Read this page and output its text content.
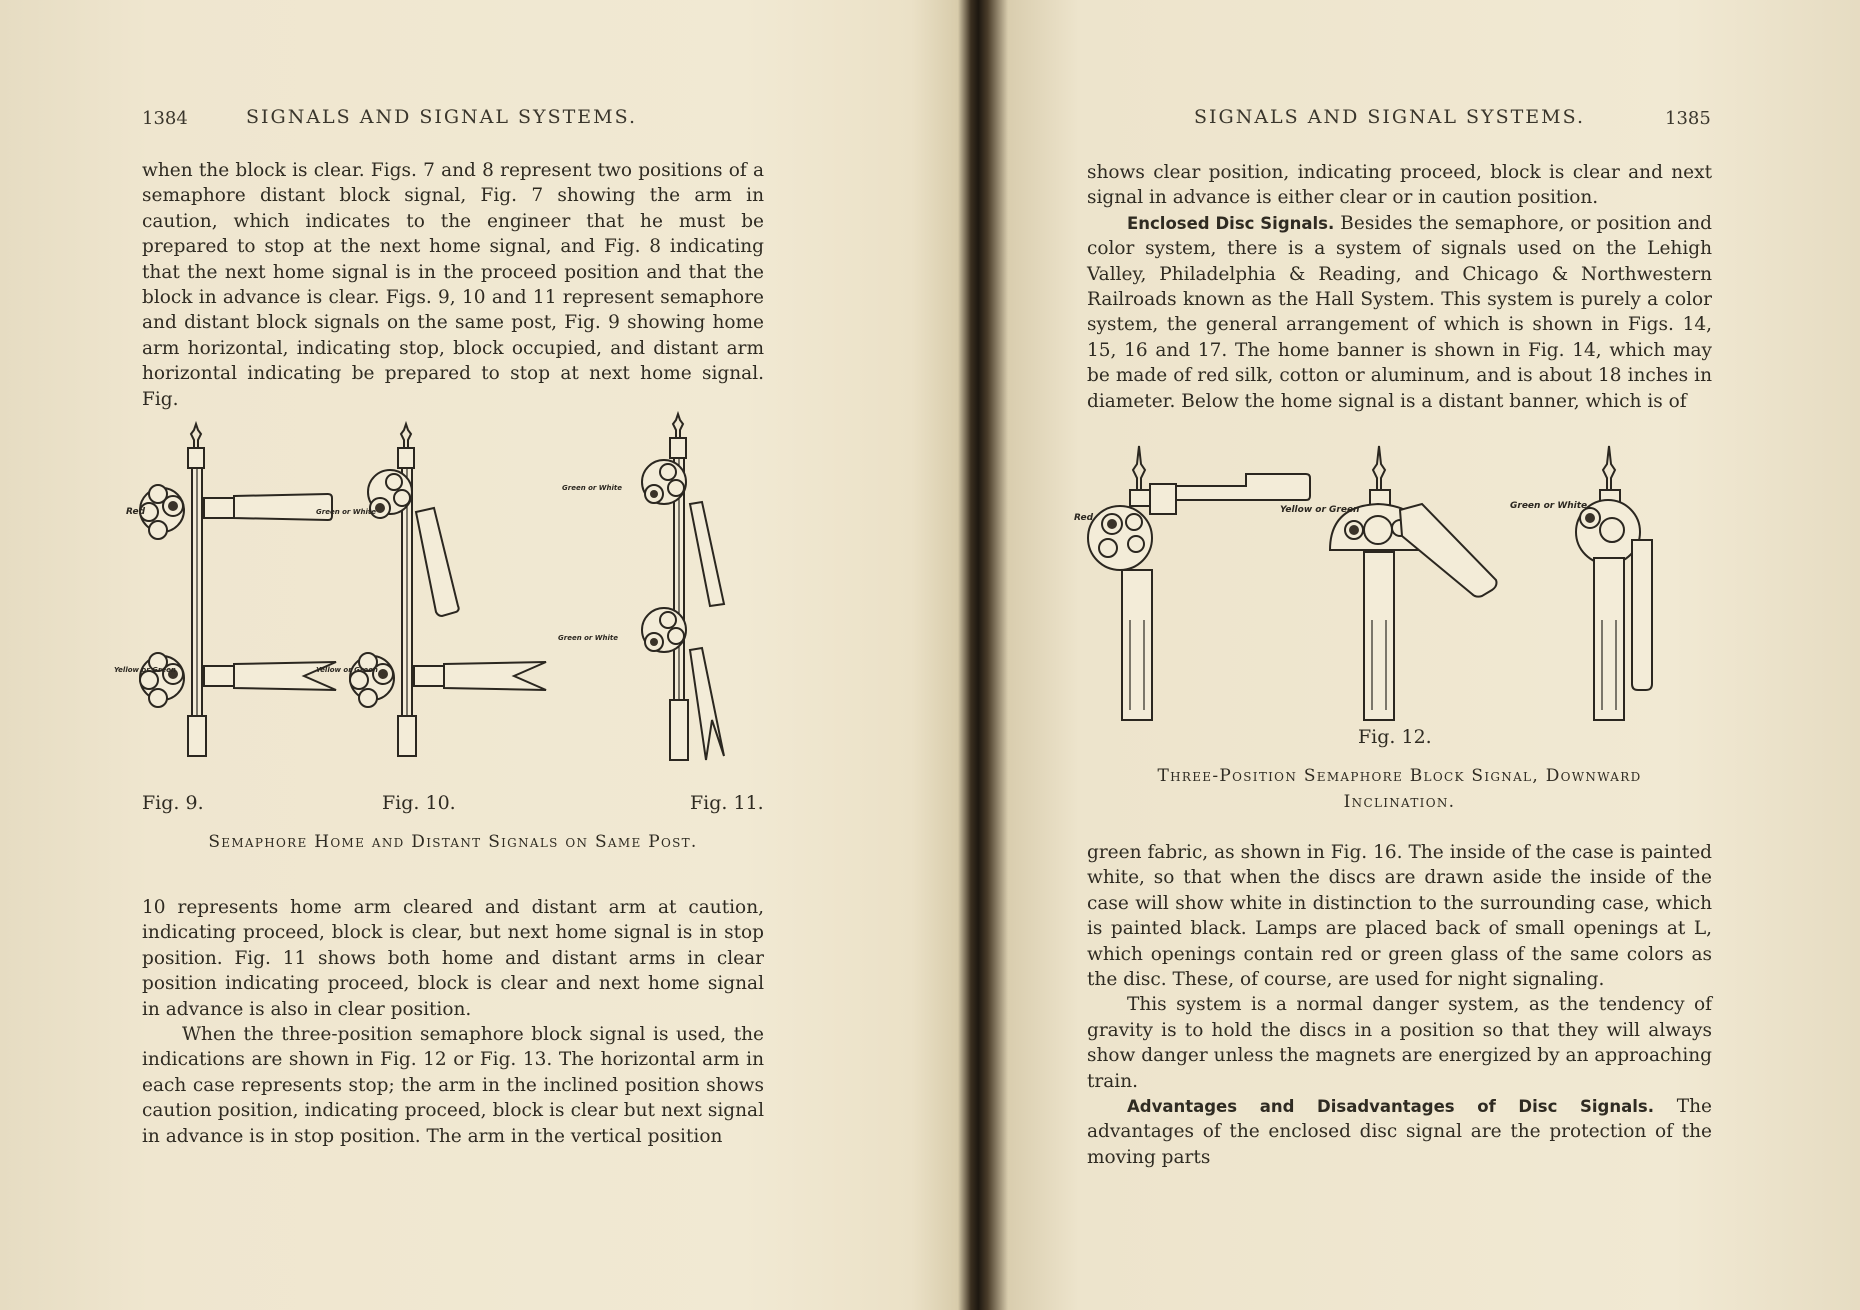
1384	SIGNALS AND SIGNAL SYSTEMS.

when the block is clear. Figs. 7 and 8 represent two positions of a semaphore distant block signal, Fig. 7 showing the arm in caution, which indicates to the engineer that he must be prepared to stop at the next home signal, and Fig. 8 indicating that the next home signal is in the proceed position and that the block in advance is clear. Figs. 9, 10 and 11 represent semaphore and distant block signals on the same post, Fig. 9 showing home arm horizontal, indicating stop, block occupied, and distant arm horizontal indicating be prepared to stop at next home signal. Fig.

Red
Yellow or Green
Green or White
Yellow or Green
Green or White
Green or White
Fig. 9.	Fig. 10.	Fig. 11.
Semaphore Home and Distant Signals on Same Post.

10 represents home arm cleared and distant arm at caution, indicating proceed, block is clear, but next home signal is in stop position. Fig. 11 shows both home and distant arms in clear position indicating proceed, block is clear and next home signal in advance is also in clear position.

When the three-position semaphore block signal is used, the indications are shown in Fig. 12 or Fig. 13. The horizontal arm in each case represents stop; the arm in the inclined position shows caution position, indicating proceed, block is clear but next signal in advance is in stop position. The arm in the vertical position

SIGNALS AND SIGNAL SYSTEMS.	1385

shows clear position, indicating proceed, block is clear and next signal in advance is either clear or in caution position.

Enclosed Disc Signals. Besides the semaphore, or position and color system, there is a system of signals used on the Lehigh Valley, Philadelphia & Reading, and Chicago & Northwestern Railroads known as the Hall System. This system is purely a color system, the general arrangement of which is shown in Figs. 14, 15, 16 and 17. The home banner is shown in Fig. 14, which may be made of red silk, cotton or aluminum, and is about 18 inches in diameter. Below the home signal is a distant banner, which is of

Red
Yellow or Green	Green or White
Fig. 12.
Three-Position Semaphore Block Signal, Downward
Inclination.

green fabric, as shown in Fig. 16. The inside of the case is painted white, so that when the discs are drawn aside the inside of the case will show white in distinction to the surrounding case, which is painted black. Lamps are placed back of small openings at L, which openings contain red or green glass of the same colors as the disc. These, of course, are used for night signaling.

This system is a normal danger system, as the tendency of gravity is to hold the discs in a position so that they will always show danger unless the magnets are energized by an approaching train.

Advantages and Disadvantages of Disc Signals. The advantages of the enclosed disc signal are the protection of the moving parts
